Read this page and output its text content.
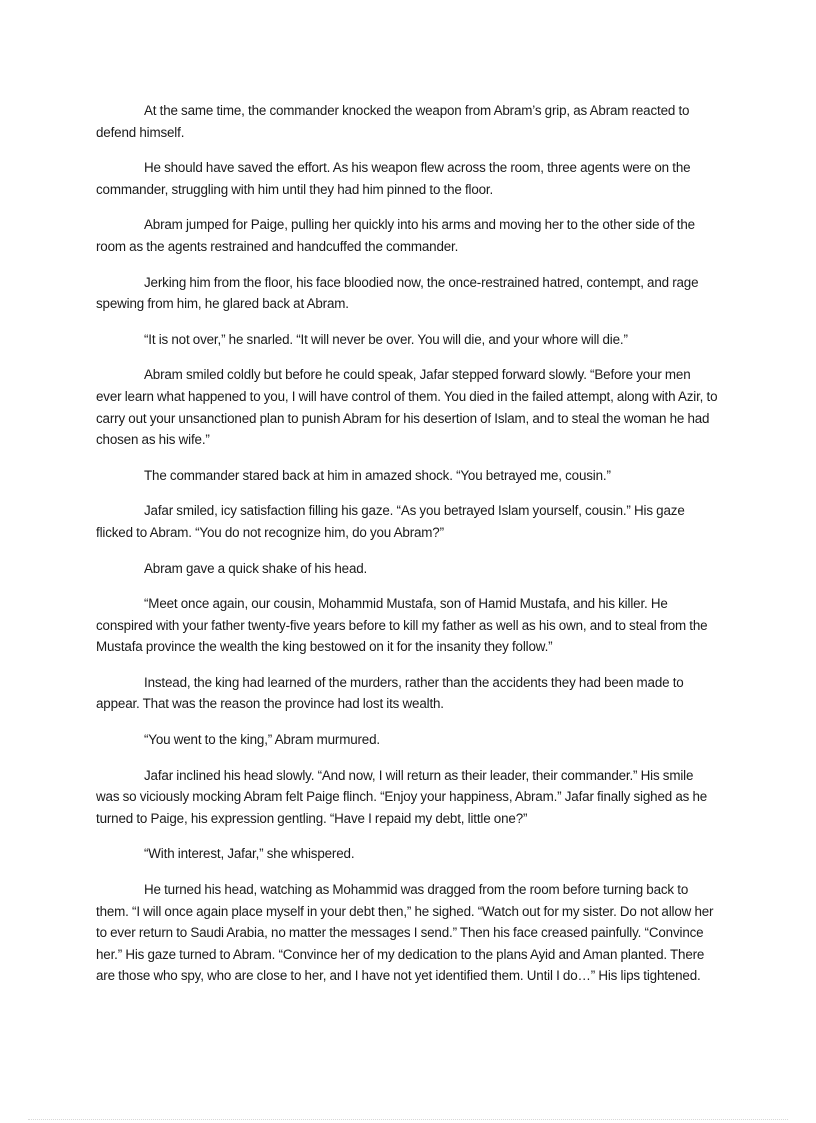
At the same time, the commander knocked the weapon from Abram’s grip, as Abram reacted to defend himself.

He should have saved the effort. As his weapon flew across the room, three agents were on the commander, struggling with him until they had him pinned to the floor.

Abram jumped for Paige, pulling her quickly into his arms and moving her to the other side of the room as the agents restrained and handcuffed the commander.

Jerking him from the floor, his face bloodied now, the once-restrained hatred, contempt, and rage spewing from him, he glared back at Abram.

“It is not over,” he snarled. “It will never be over. You will die, and your whore will die.”

Abram smiled coldly but before he could speak, Jafar stepped forward slowly. “Before your men ever learn what happened to you, I will have control of them. You died in the failed attempt, along with Azir, to carry out your unsanctioned plan to punish Abram for his desertion of Islam, and to steal the woman he had chosen as his wife.”

The commander stared back at him in amazed shock. “You betrayed me, cousin.”

Jafar smiled, icy satisfaction filling his gaze. “As you betrayed Islam yourself, cousin.” His gaze flicked to Abram. “You do not recognize him, do you Abram?”

Abram gave a quick shake of his head.

“Meet once again, our cousin, Mohammid Mustafa, son of Hamid Mustafa, and his killer. He conspired with your father twenty-five years before to kill my father as well as his own, and to steal from the Mustafa province the wealth the king bestowed on it for the insanity they follow.”

Instead, the king had learned of the murders, rather than the accidents they had been made to appear. That was the reason the province had lost its wealth.

“You went to the king,” Abram murmured.

Jafar inclined his head slowly. “And now, I will return as their leader, their commander.” His smile was so viciously mocking Abram felt Paige flinch. “Enjoy your happiness, Abram.” Jafar finally sighed as he turned to Paige, his expression gentling. “Have I repaid my debt, little one?”

“With interest, Jafar,” she whispered.

He turned his head, watching as Mohammid was dragged from the room before turning back to them. “I will once again place myself in your debt then,” he sighed. “Watch out for my sister. Do not allow her to ever return to Saudi Arabia, no matter the messages I send.” Then his face creased painfully. “Convince her.” His gaze turned to Abram. “Convince her of my dedication to the plans Ayid and Aman planted. There are those who spy, who are close to her, and I have not yet identified them. Until I do…” His lips tightened.
